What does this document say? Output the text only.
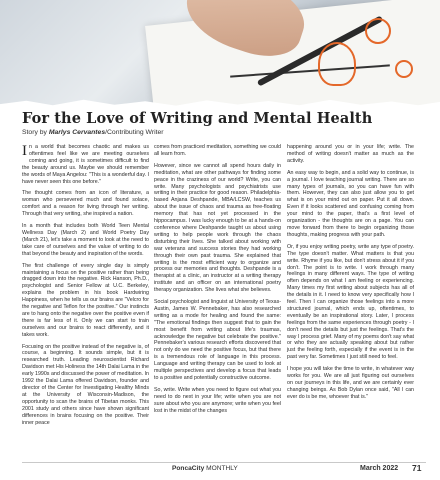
For the Love of Writing and Mental Health
Story by Marlys Cervantes/Contributing Writer

In a world that becomes chaotic and makes us oftentimes feel like we are meeting ourselves coming and going, it is sometimes difficult to find the beauty around us. Maybe we should remember the words of Maya Angelou: "This is a wonderful day. I have never seen this one before."

The thought comes from an icon of literature, a woman who persevered much and found solace, comfort and a reason for living through her writing. Through that very writing, she inspired a nation.

In a month that includes both World Teen Mental Wellness Day (March 2) and World Poetry Day (March 21), let's take a moment to look at the need to take care of ourselves and the value of writing to do that beyond the beauty and inspiration of the words.

The first challenge of every single day is simply maintaining a focus on the positive rather than being dragged down into the negative. Rick Hanson, Ph.D., psychologist and Senior Fellow at U.C. Berkeley, explains the problem in his book Hardwiring Happiness, when he tells us our brains are "Velcro for the negative and Teflon for the positive." Our instincts are to hang onto the negative over the positive even if there is far less of it. Only we can start to train ourselves and our brains to react differently, and it takes work.

Focusing on the positive instead of the negative is, of course, a beginning. It sounds simple, but it is researched truth. Leading neuroscientist Richard Davidson met His Holiness the 14th Dalai Lama in the early 1990s and discussed the power of meditation. In 1992 the Dalai Lama offered Davidson, founder and director of the Center for Investigating Healthy Minds at the University of Wisconsin-Madison, the opportunity to scan the brains of Tibetan monks. This 2001 study and others since have shown significant differences in brains focusing on the positive. Their inner peace

comes from practiced meditation, something we could all learn from.

However, since we cannot all spend hours daily in meditation, what are other pathways for finding some peace in the craziness of our world? Write, you can write. Many psychologists and psychiatrists use writing in their practice for good reason. Philadelphia-based Anjana Deshpande, MBA/LCSW, teaches us about the issue of chaos and trauma as free-floating memory that has not yet processed in the hippocampus. I was lucky enough to be at a hands-on conference where Deshpande taught us about using writing to help people work through the chaos disturbing their lives. She talked about working with war veterans and success stories they had working through their own past trauma. She explained that writing is the most efficient way to organize and process our memories and thoughts. Deshpande is a therapist at a clinic, an instructor at a writing therapy institute and an officer on an international poetry therapy organization. She lives what she believes.

Social psychologist and linguist at University of Texas-Austin, James W. Pennebaker, has also researched writing as a mode for healing and found the same: "The emotional findings then suggest that to gain the most benefit from writing about life's traumas, acknowledge the negative but celebrate the positive." Pennebaker's various research efforts discovered that not only do we need the positive focus, but that there is a tremendous role of language in this process. Language and writing therapy can be used to look at multiple perspectives and develop a focus that leads to a positive and potentially constructive outcome.

So, write. Write when you need to figure out what you need to do next in your life; write when you are not sure about who you are anymore; write when you feel lost in the midst of the changes

happening around you or in your life; write. The method of writing doesn't matter as much as the activity.

An easy way to begin, and a solid way to continue, is a journal. I love teaching journal writing. There are so many types of journals, so you can have fun with them. However, they can also just allow you to get what is on your mind out on paper. Put it all down. Even if it looks scattered and confusing coming from your mind to the paper, that's a first level of organization - the thoughts are on a page. You can move forward from there to begin organizing those thoughts, making progress with your path.

Or, if you enjoy writing poetry, write any type of poetry. The type doesn't matter. What matters is that you write. Rhyme if you like, but don't stress about it if you don't. The point is to write. I work through many feelings in many different ways. The type of writing often depends on what I am feeling or experiencing. Many times my first writing about subjects has all of the details in it. I need to know very specifically how I feel. Then I can organize those feelings into a more structured journal, which ends up, oftentimes, to eventually be an inspirational story. Later, I process feelings from the same experiences through poetry - I don't need the details but just the feelings. That's the way I process grief. Many of my poems don't say what or who they are actually speaking about but rather just the feeling forth, especially if the event is in the past very far. Sometimes I just still need to feel.

I hope you will take the time to write, in whatever way works for you. We are all just figuring out ourselves on our journeys in this life, and we are certainly ever changing beings. As Bob Dylan once said, "All I can ever do is be me, whoever that is."

PoncaCity MONTHLY	March 2022 71
